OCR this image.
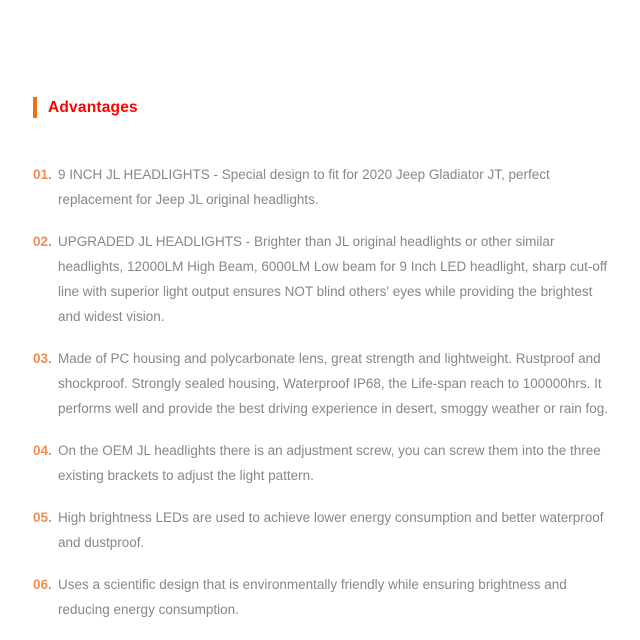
Advantages
01. 9 INCH JL HEADLIGHTS - Special design to fit for 2020 Jeep Gladiator JT, perfect replacement for Jeep JL original headlights.
02. UPGRADED JL HEADLIGHTS - Brighter than JL original headlights or other similar headlights, 12000LM High Beam, 6000LM Low beam for 9 Inch LED headlight, sharp cut-off line with superior light output ensures NOT blind others' eyes while providing the brightest and widest vision.
03. Made of PC housing and polycarbonate lens, great strength and lightweight. Rustproof and shockproof. Strongly sealed housing, Waterproof IP68, the Life-span reach to 100000hrs. It performs well and provide the best driving experience in desert, smoggy weather or rain fog.
04. On the OEM JL headlights there is an adjustment screw, you can screw them into the three existing brackets to adjust the light pattern.
05. High brightness LEDs are used to achieve lower energy consumption and better waterproof and dustproof.
06. Uses a scientific design that is environmentally friendly while ensuring brightness and reducing energy consumption.
